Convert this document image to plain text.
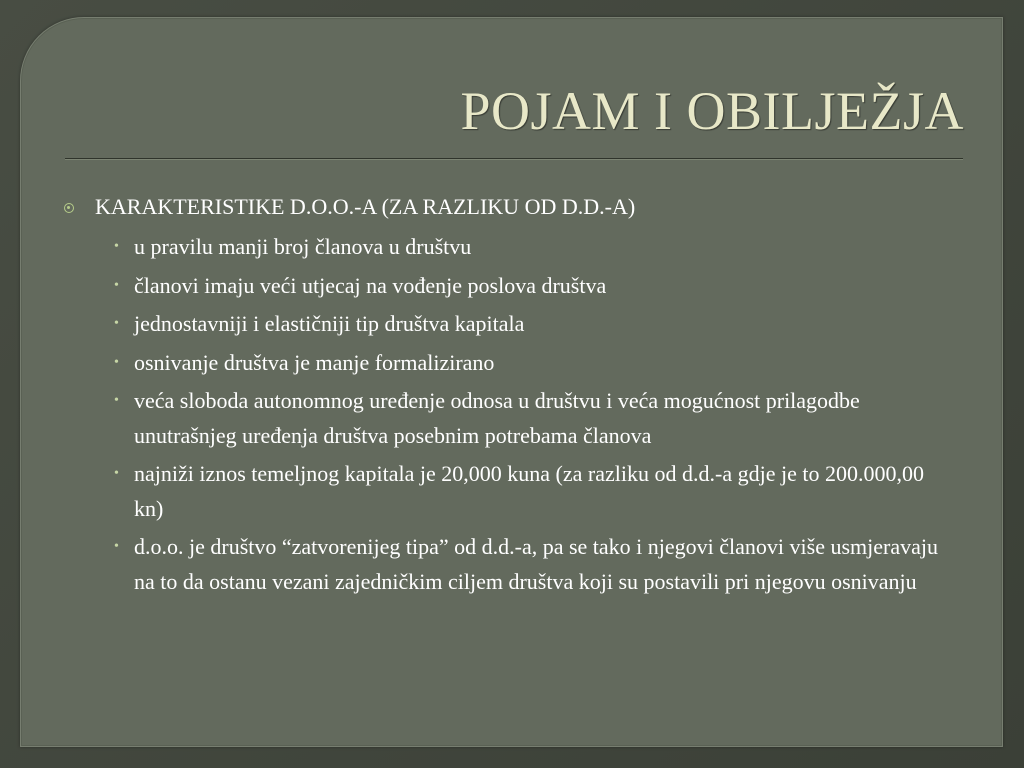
POJAM I OBILJEŽJA
KARAKTERISTIKE D.O.O.-A (ZA RAZLIKU OD D.D.-A)
• u pravilu manji broj članova u društvu
• članovi imaju veći utjecaj na vođenje poslova društva
• jednostavniji i elastičniji tip društva kapitala
• osnivanje društva je manje formalizirano
• veća sloboda autonomnog uređenje odnosa u društvu i veća mogućnost prilagodbe unutrašnjeg uređenja društva posebnim potrebama članova
• najniži iznos temeljnog kapitala je 20,000 kuna (za razliku od d.d.-a gdje je to 200.000,00 kn)
• d.o.o. je društvo “zatvorenijeg tipa” od d.d.-a, pa se tako i njegovi članovi više usmjeravaju na to da ostanu vezani zajedničkim ciljem društva koji su postavili pri njegovu osnivanju
